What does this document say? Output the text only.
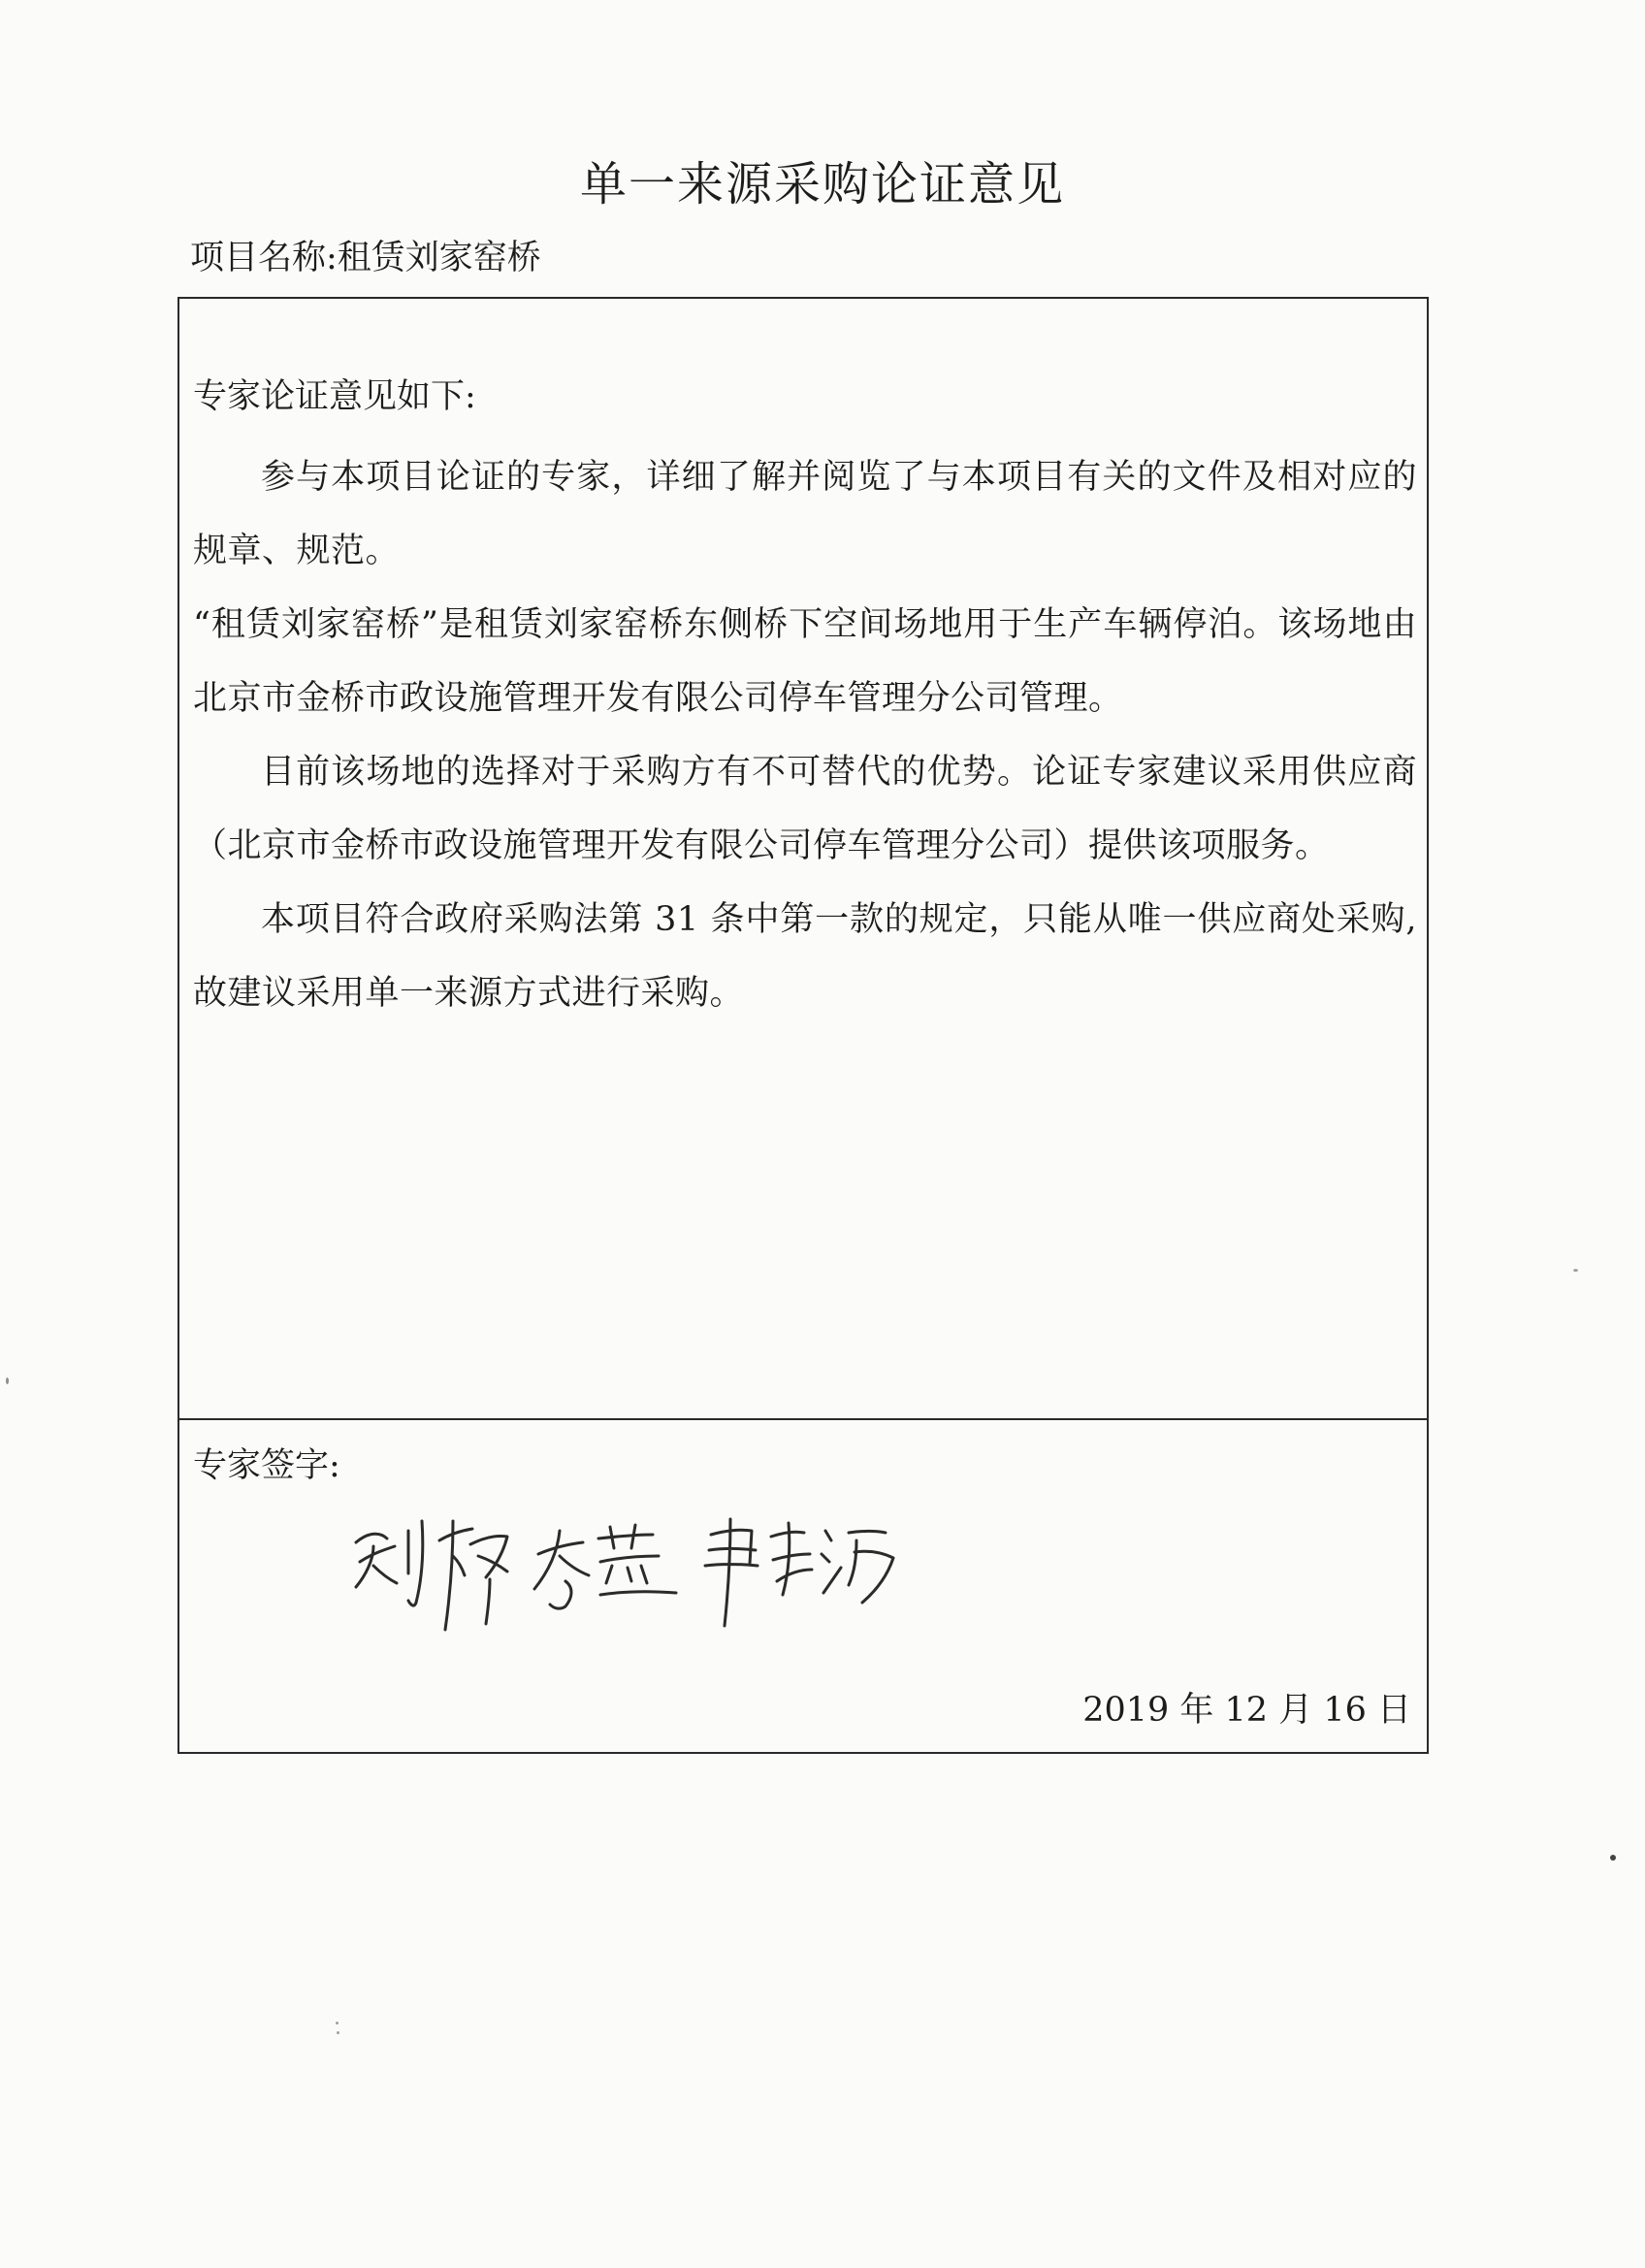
单一来源采购论证意见
项目名称:租赁刘家窑桥
专家论证意见如下:

参与本项目论证的专家，详细了解并阅览了与本项目有关的文件及相对应的规章、规范。

“租赁刘家窑桥”是租赁刘家窑桥东侧桥下空间场地用于生产车辆停泊。该场地由北京市金桥市政设施管理开发有限公司停车管理分公司管理。

目前该场地的选择对于采购方有不可替代的优势。论证专家建议采用供应商（北京市金桥市政设施管理开发有限公司停车管理分公司）提供该项服务。

本项目符合政府采购法第 31 条中第一款的规定，只能从唯一供应商处采购, 故建议采用单一来源方式进行采购。

专家签字:
2019 年 12 月 16 日
